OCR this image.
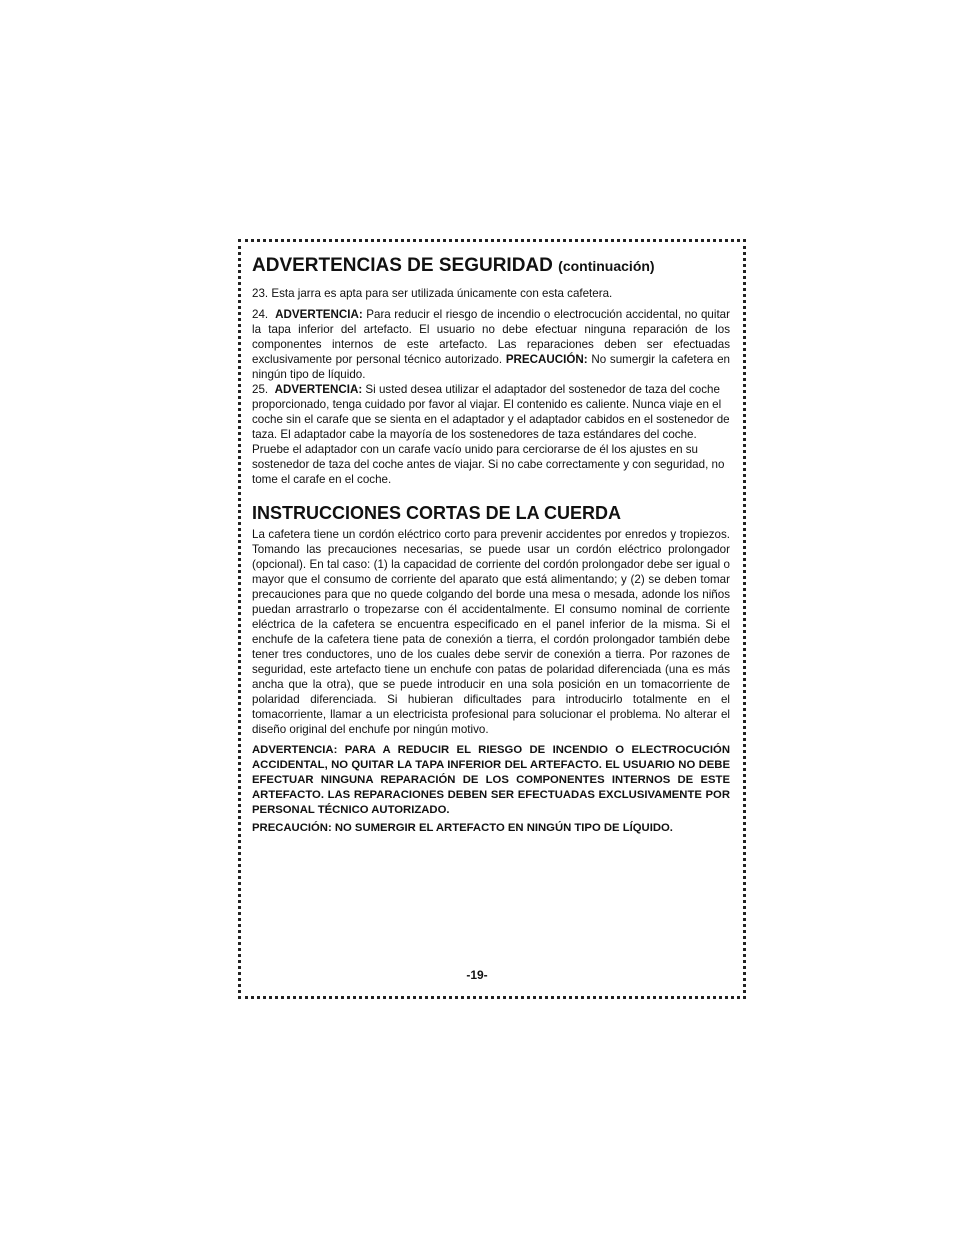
ADVERTENCIAS DE SEGURIDAD (continuación)

23. Esta jarra es apta para ser utilizada únicamente con esta cafetera.

24. ADVERTENCIA: Para reducir el riesgo de incendio o electrocución accidental, no quitar la tapa inferior del artefacto. El usuario no debe efectuar ninguna reparación de los componentes internos de este artefacto. Las reparaciones deben ser efectuadas exclusivamente por personal técnico autorizado. PRECAUCIÓN: No sumergir la cafetera en ningún tipo de líquido.

25. ADVERTENCIA: Si usted desea utilizar el adaptador del sostenedor de taza del coche proporcionado, tenga cuidado por favor al viajar. El contenido es caliente. Nunca viaje en el coche sin el carafe que se sienta en el adaptador y el adaptador cabidos en el sostenedor de taza. El adaptador cabe la mayoría de los sostenedores de taza estándares del coche. Pruebe el adaptador con un carafe vacío unido para cerciorarse de él los ajustes en su sostenedor de taza del coche antes de viajar. Si no cabe correctamente y con seguridad, no tome el carafe en el coche.

INSTRUCCIONES CORTAS DE LA CUERDA

La cafetera tiene un cordón eléctrico corto para prevenir accidentes por enredos y tropiezos. Tomando las precauciones necesarias, se puede usar un cordón eléctrico prolongador (opcional). En tal caso: (1) la capacidad de corriente del cordón prolongador debe ser igual o mayor que el consumo de corriente del aparato que está alimentando; y (2) se deben tomar precauciones para que no quede colgando del borde una mesa o mesada, adonde los niños puedan arrastrarlo o tropezarse con él accidentalmente. El consumo nominal de corriente eléctrica de la cafetera se encuentra especificado en el panel inferior de la misma. Si el enchufe de la cafetera tiene pata de conexión a tierra, el cordón prolongador también debe tener tres conductores, uno de los cuales debe servir de conexión a tierra. Por razones de seguridad, este artefacto tiene un enchufe con patas de polaridad diferenciada (una es más ancha que la otra), que se puede introducir en una sola posición en un tomacorriente de polaridad diferenciada. Si hubieran dificultades para introducirlo totalmente en el tomacorriente, llamar a un electricista profesional para solucionar el problema. No alterar el diseño original del enchufe por ningún motivo.

ADVERTENCIA: PARA A REDUCIR EL RIESGO DE INCENDIO O ELECTROCUCIÓN ACCIDENTAL, NO QUITAR LA TAPA INFERIOR DEL ARTEFACTO. EL USUARIO NO DEBE EFECTUAR NINGUNA REPARACIÓN DE LOS COMPONENTES INTERNOS DE ESTE ARTEFACTO. LAS REPARACIONES DEBEN SER EFECTUADAS EXCLUSIVAMENTE POR PERSONAL TÉCNICO AUTORIZADO.

PRECAUCIÓN: NO SUMERGIR EL ARTEFACTO EN NINGÚN TIPO DE LÍQUIDO.

-19-
